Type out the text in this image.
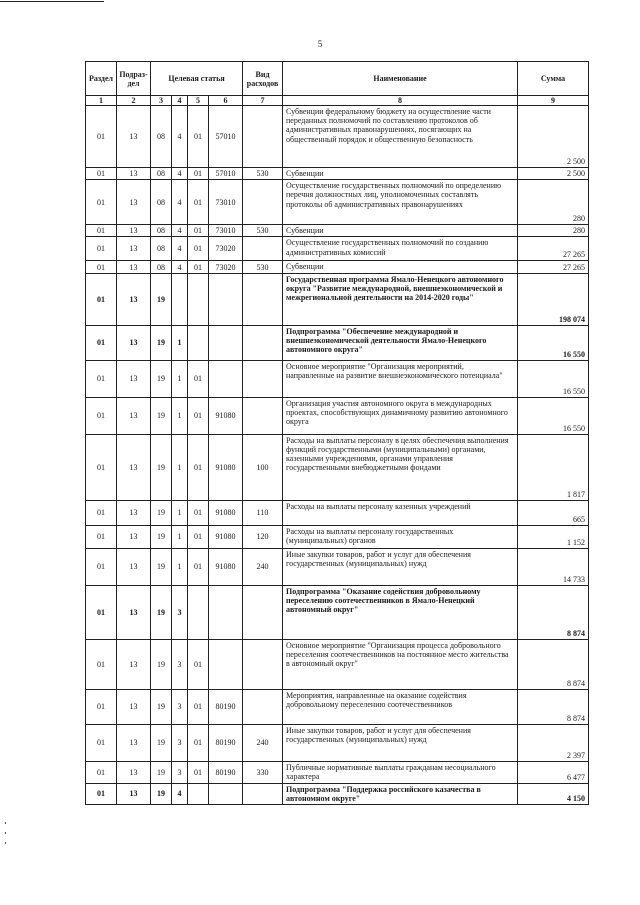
5
Раздел	Подраз-дел	Целевая статья				Вид расходов	Наименование	Сумма
1	2	3	4	5	6	7	8	9
01	13	08	4	01	57010		Субвенции федеральному бюджету на осуществление части переданных полномочий по составлению протоколов об административных правонарушениях, посягающих на общественный порядок и общественную безопасность	2 500
01	13	08	4	01	57010	530	Субвенции	2 500
01	13	08	4	01	73010		Осуществление государственных полномочий по определению перечня должностных лиц, уполномоченных составлять протоколы об административных правонарушениях	280
01	13	08	4	01	73010	530	Субвенции	280
01	13	08	4	01	73020		Осуществление государственных полномочий по созданию административных комиссий	27 265
01	13	08	4	01	73020	530	Субвенции	27 265
01	13	19					Государственная программа Ямало-Ненецкого автономного округа "Развитие международной, внешнеэкономической и межрегиональной деятельности на 2014-2020 годы"	198 074
01	13	19	1				Подпрограмма "Обеспечение международной и внешнеэкономической деятельности Ямало-Ненецкого автономного округа"	16 550
01	13	19	1	01			Основное мероприятие "Организация мероприятий, направленные на развитие внешнеэкономического потенциала"	16 550
01	13	19	1	01	91080		Организация участия автономного округа в международных проектах, способствующих динамичному развитию автономного округа	16 550
01	13	19	1	01	91080	100	Расходы на выплаты персоналу в целях обеспечения выполнения функций государственными (муниципальными) органами, казенными учреждениями, органами управления государственными внебюджетными фондами	1 817
01	13	19	1	01	91080	110	Расходы на выплаты персоналу казенных учреждений	665
01	13	19	1	01	91080	120	Расходы на выплаты персоналу государственных (муниципальных) органов	1 152
01	13	19	1	01	91080	240	Иные закупки товаров, работ и услуг для обеспечения государственных (муниципальных) нужд	14 733
01	13	19	3				Подпрограмма "Оказание содействия добровольному переселению соотечественников в Ямало-Ненецкий автономный округ"	8 874
01	13	19	3	01			Основное мероприятие "Организация процесса добровольного переселения соотечественников на постоянное место жительства в автономный округ"	8 874
01	13	19	3	01	80190		Мероприятия, направленные на оказание содействия добровольному переселению соотечественников	8 874
01	13	19	3	01	80190	240	Иные закупки товаров, работ и услуг для обеспечения государственных (муниципальных) нужд	2 397
01	13	19	3	01	80190	330	Публичные нормативные выплаты гражданам несоциального характера	6 477
01	13	19	4				Подпрограмма "Поддержка российского казачества в автономном округе"	4 150
